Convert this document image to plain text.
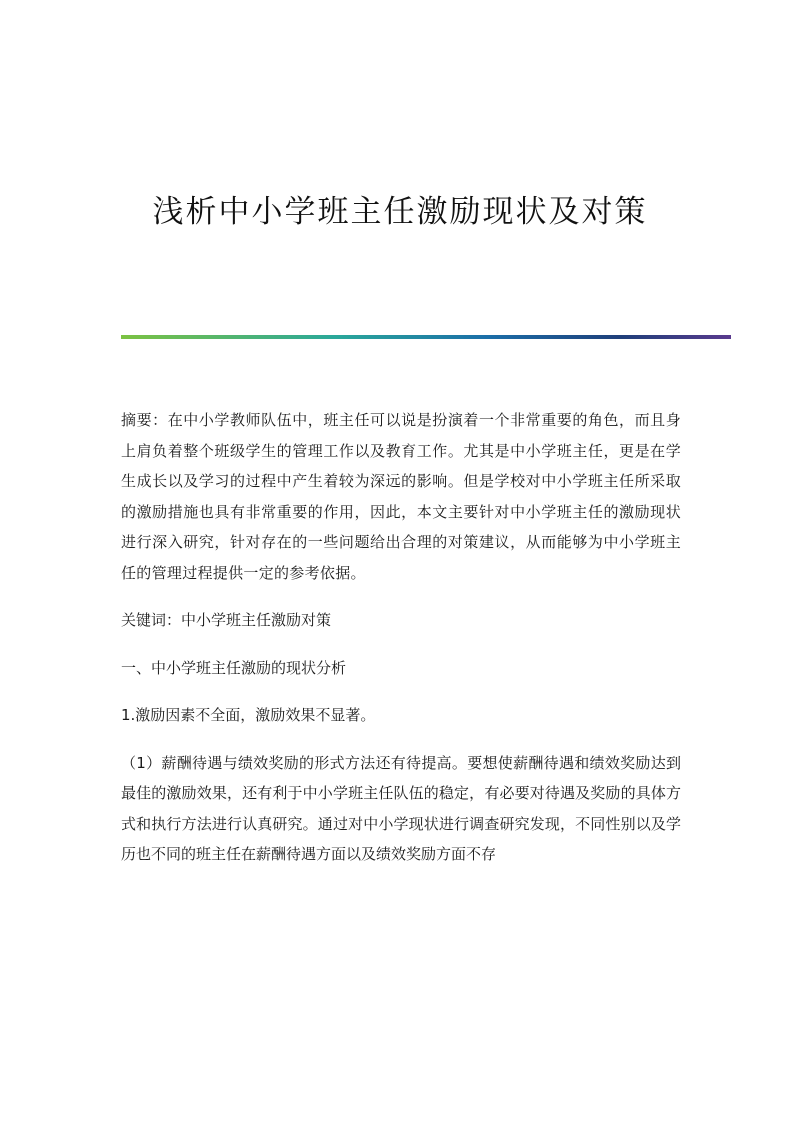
浅析中小学班主任激励现状及对策

摘要：在中小学教师队伍中，班主任可以说是扮演着一个非常重要的角色，而且身上肩负着整个班级学生的管理工作以及教育工作。尤其是中小学班主任，更是在学生成长以及学习的过程中产生着较为深远的影响。但是学校对中小学班主任所采取的激励措施也具有非常重要的作用，因此，本文主要针对中小学班主任的激励现状进行深入研究，针对存在的一些问题给出合理的对策建议，从而能够为中小学班主任的管理过程提供一定的参考依据。

关键词：中小学班主任激励对策

一、中小学班主任激励的现状分析

1.激励因素不全面，激励效果不显著。

（1）薪酬待遇与绩效奖励的形式方法还有待提高。要想使薪酬待遇和绩效奖励达到最佳的激励效果，还有利于中小学班主任队伍的稳定，有必要对待遇及奖励的具体方式和执行方法进行认真研究。通过对中小学现状进行调查研究发现，不同性别以及学历也不同的班主任在薪酬待遇方面以及绩效奖励方面不存
